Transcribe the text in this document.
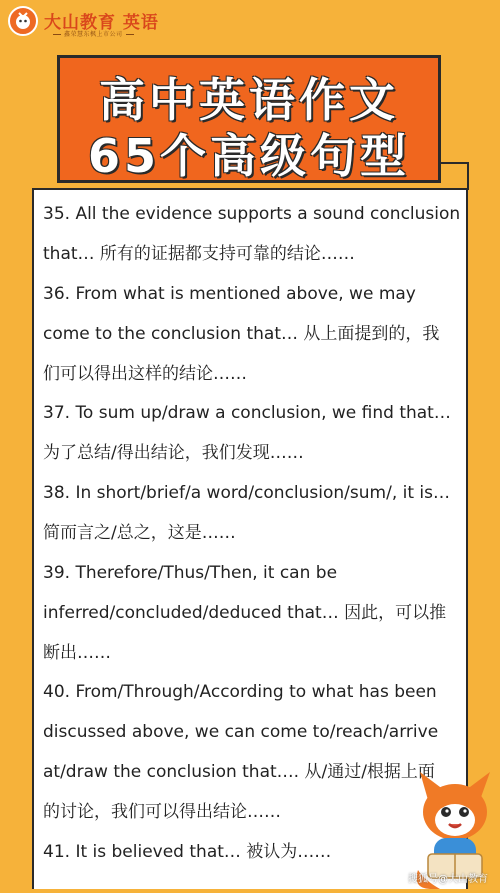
大山教育 英语
鑫荣慧东枫上市公司
高中英语作文
65个高级句型
35. All the evidence supports a sound conclusion
that… 所有的证据都支持可靠的结论……
36. From what is mentioned above, we may
come to the conclusion that… 从上面提到的，我
们可以得出这样的结论……
37. To sum up/draw a conclusion, we find that…
为了总结/得出结论，我们发现……
38. In short/brief/a word/conclusion/sum/, it is…
简而言之/总之，这是……
39. Therefore/Thus/Then, it can be
inferred/concluded/deduced that… 因此，可以推
断出……
40. From/Through/According to what has been
discussed above, we can come to/reach/arrive
at/draw the conclusion that…. 从/通过/根据上面
的讨论，我们可以得出结论……
41. It is believed that… 被认为……
搜狐号@大山教育
